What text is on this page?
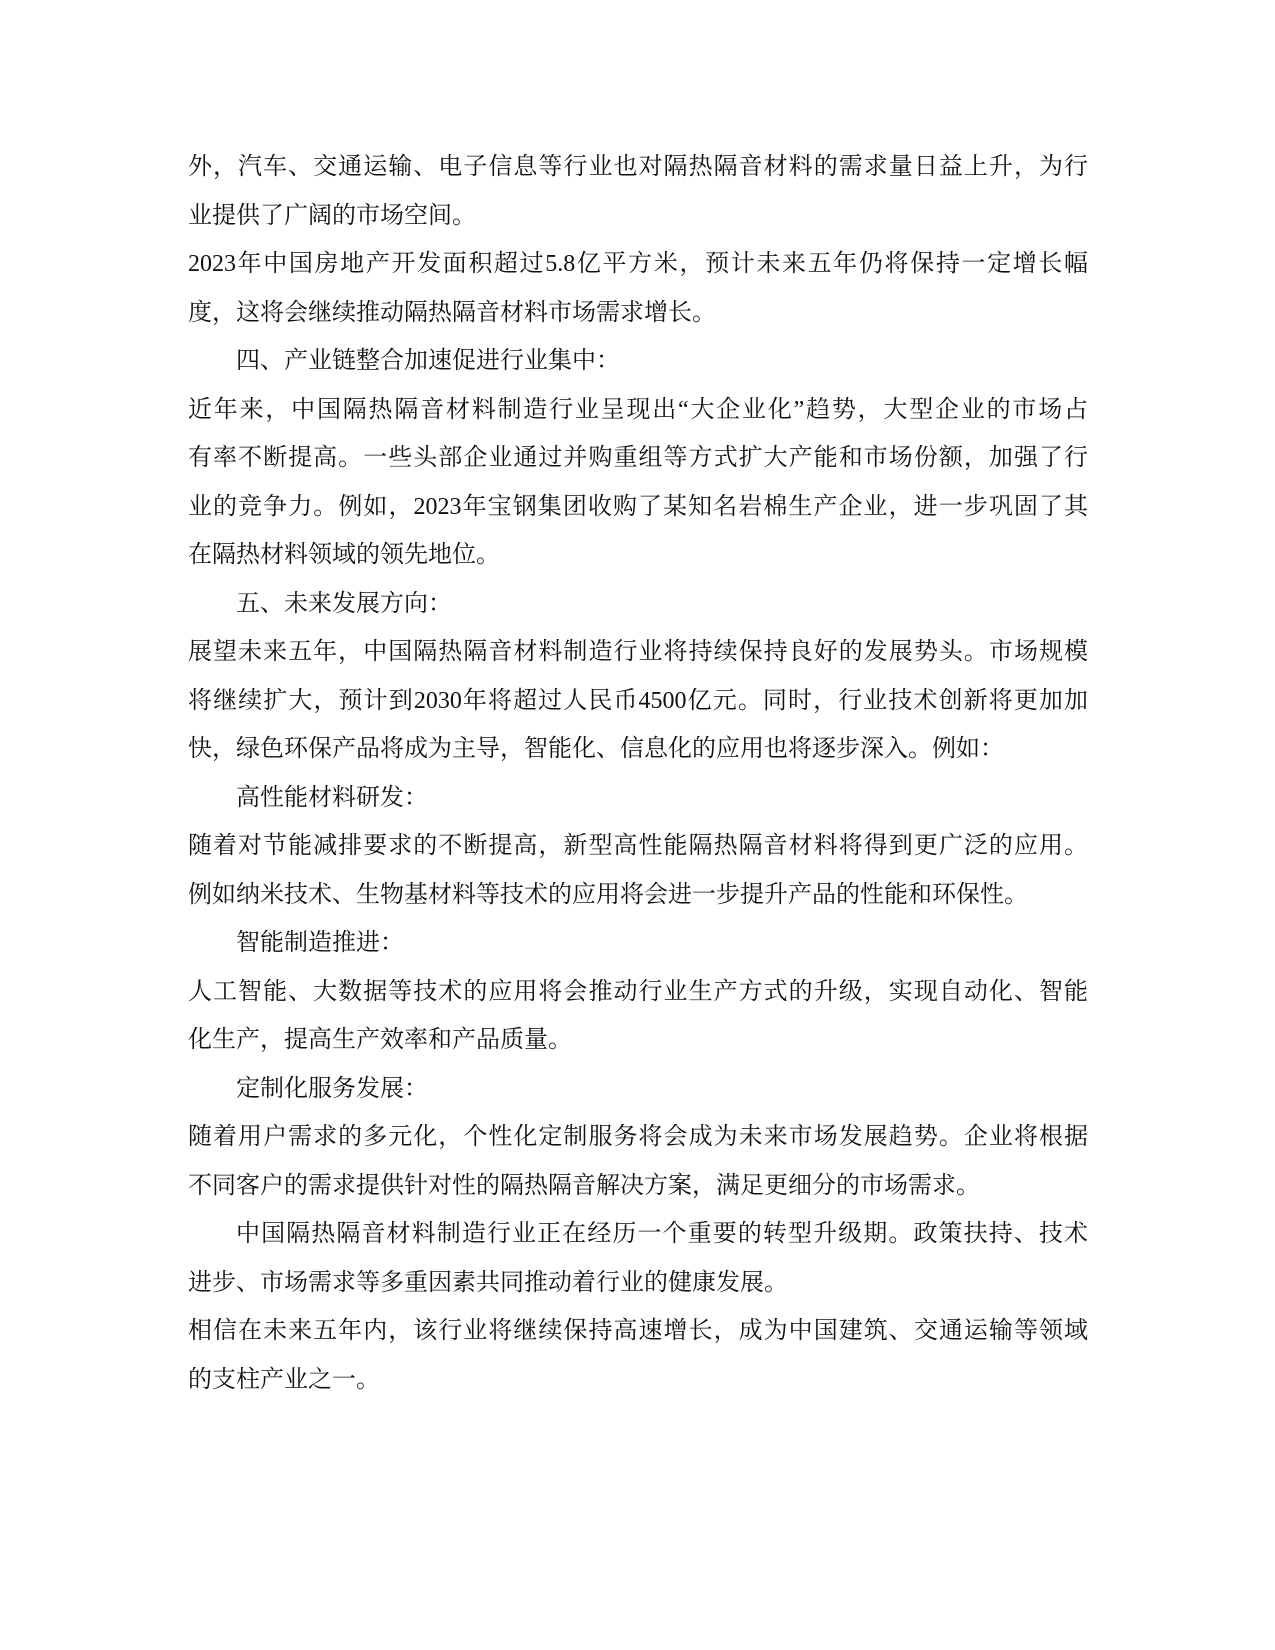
外，汽车、交通运输、电子信息等行业也对隔热隔音材料的需求量日益上升，为行
业提供了广阔的市场空间。
2023年中国房地产开发面积超过5.8亿平方米，预计未来五年仍将保持一定增长幅
度，这将会继续推动隔热隔音材料市场需求增长。
四、产业链整合加速促进行业集中：
近年来，中国隔热隔音材料制造行业呈现出“大企业化”趋势，大型企业的市场占
有率不断提高。一些头部企业通过并购重组等方式扩大产能和市场份额，加强了行
业的竞争力。例如，2023年宝钢集团收购了某知名岩棉生产企业，进一步巩固了其
在隔热材料领域的领先地位。
五、未来发展方向：
展望未来五年，中国隔热隔音材料制造行业将持续保持良好的发展势头。市场规模
将继续扩大，预计到2030年将超过人民币4500亿元。同时，行业技术创新将更加加
快，绿色环保产品将成为主导，智能化、信息化的应用也将逐步深入。例如：
高性能材料研发：
随着对节能减排要求的不断提高，新型高性能隔热隔音材料将得到更广泛的应用。
例如纳米技术、生物基材料等技术的应用将会进一步提升产品的性能和环保性。
智能制造推进：
人工智能、大数据等技术的应用将会推动行业生产方式的升级，实现自动化、智能
化生产，提高生产效率和产品质量。
定制化服务发展：
随着用户需求的多元化，个性化定制服务将会成为未来市场发展趋势。企业将根据
不同客户的需求提供针对性的隔热隔音解决方案，满足更细分的市场需求。
中国隔热隔音材料制造行业正在经历一个重要的转型升级期。政策扶持、技术
进步、市场需求等多重因素共同推动着行业的健康发展。
相信在未来五年内，该行业将继续保持高速增长，成为中国建筑、交通运输等领域
的支柱产业之一。
